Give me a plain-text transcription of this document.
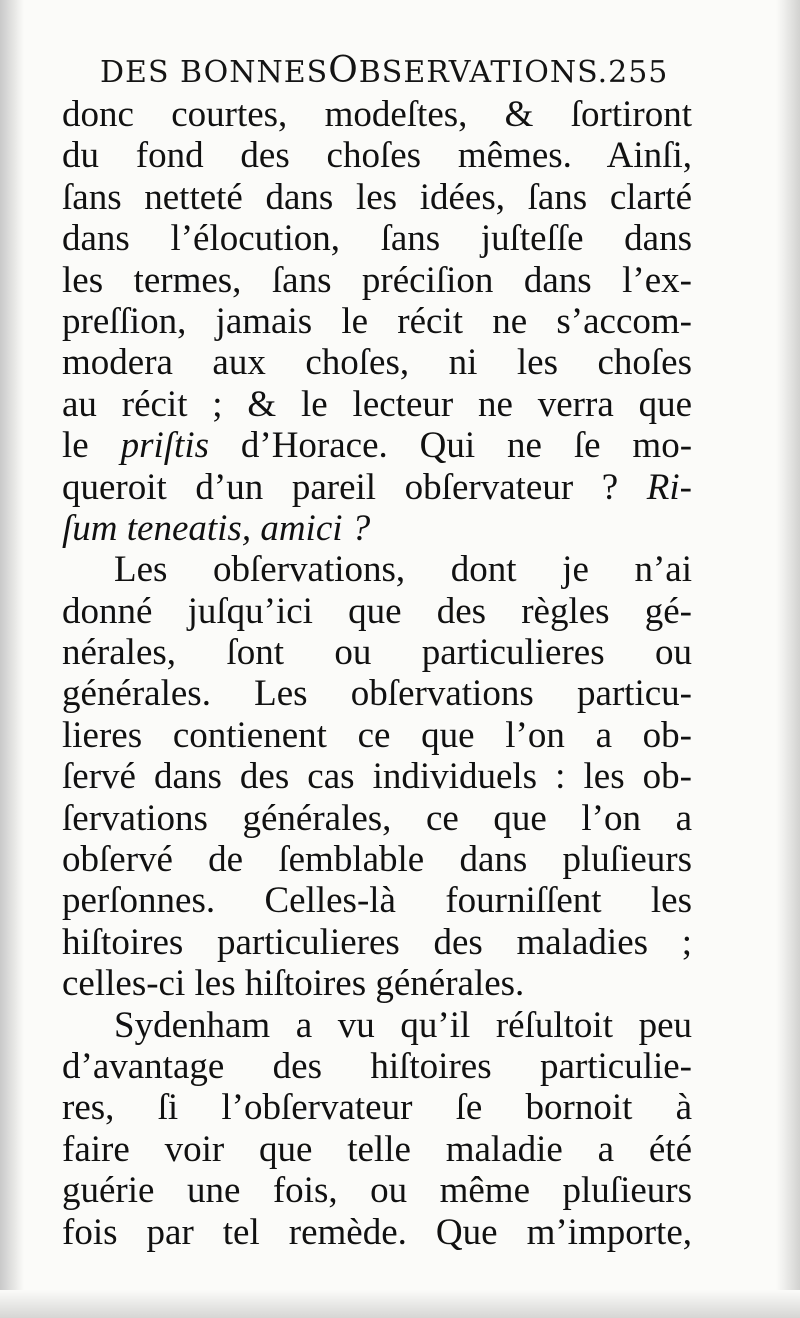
DES BONNESOBSERVATIONS.255
donc courtes, modeſtes, & ſortiront
du fond des choſes mêmes. Ainſi,
ſans netteté dans les idées, ſans clarté
dans l’élocution, ſans juſteſſe dans
les termes, ſans préciſion dans l’ex-
preſſion, jamais le récit ne s’accom-
modera aux choſes, ni les choſes
au récit ; & le lecteur ne verra que
le priſtis d’Horace. Qui ne ſe mo-
queroit d’un pareil obſervateur ? Ri-
ſum teneatis, amici ?
Les obſervations, dont je n’ai
donné juſqu’ici que des règles gé-
nérales, ſont ou particulieres ou
générales. Les obſervations particu-
lieres contienent ce que l’on a ob-
ſervé dans des cas individuels : les ob-
ſervations générales, ce que l’on a
obſervé de ſemblable dans pluſieurs
perſonnes. Celles-là fourniſſent les
hiſtoires particulieres des maladies ;
celles-ci les hiſtoires générales.
Sydenham a vu qu’il réſultoit peu
d’avantage des hiſtoires particulie-
res, ſi l’obſervateur ſe bornoit à
faire voir que telle maladie a été
guérie une fois, ou même pluſieurs
fois par tel remède. Que m’importe,
